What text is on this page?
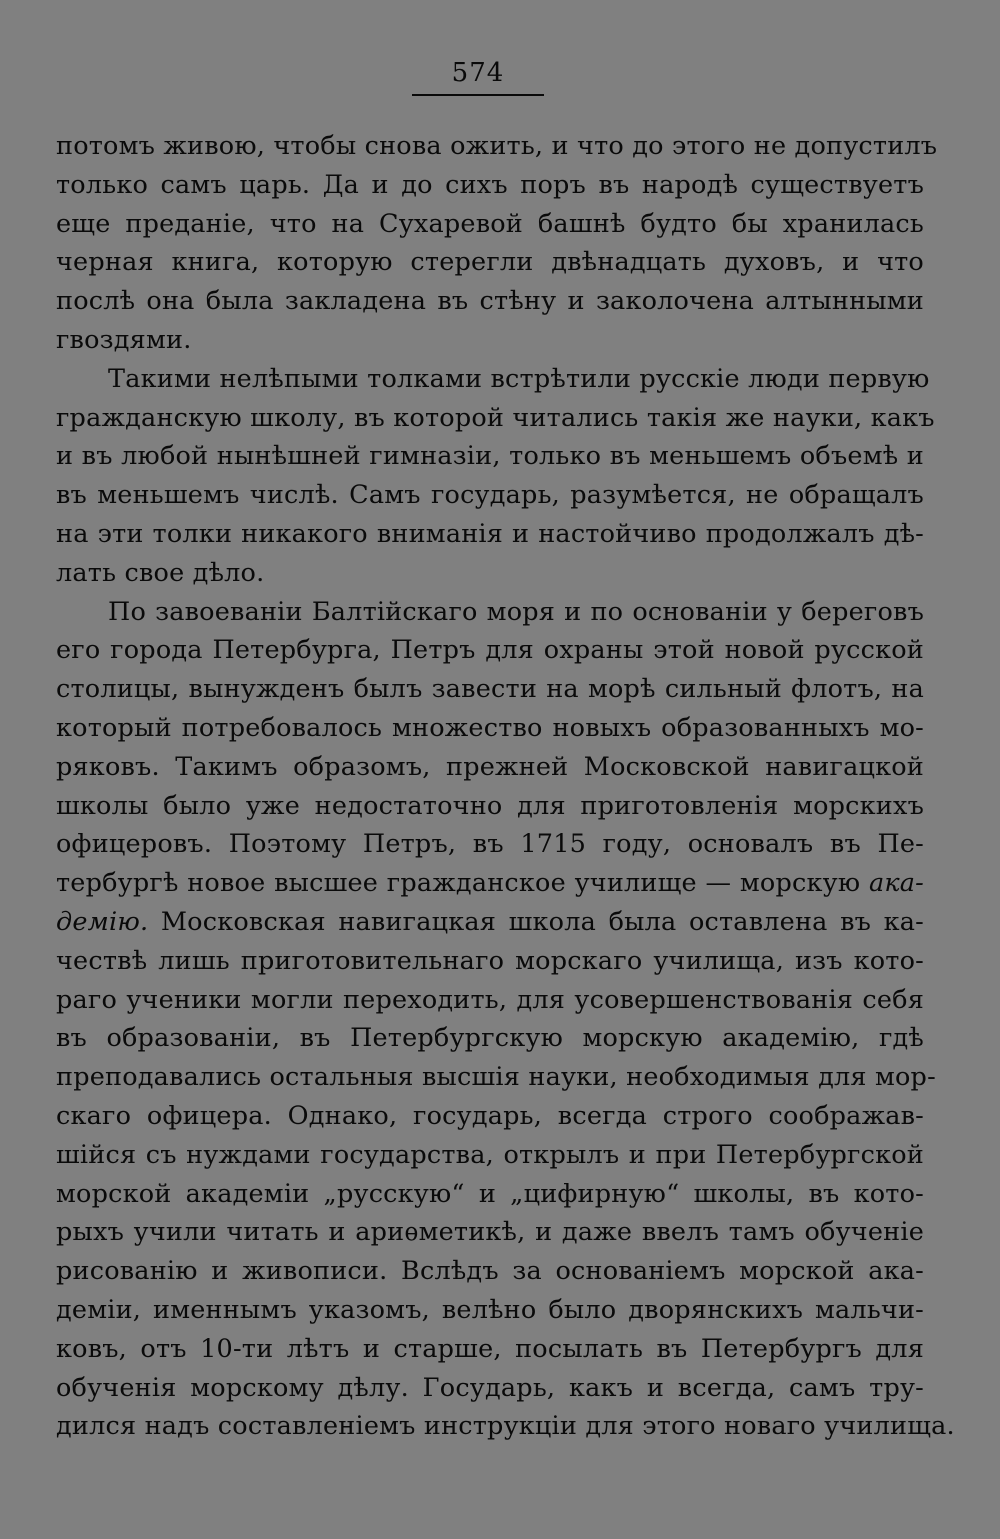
574
потомъ живою, чтобы снова ожить, и что до этого не допустилъ
только самъ царь. Да и до сихъ поръ въ народѣ существуетъ
еще преданіе, что на Сухаревой башнѣ будто бы хранилась
черная книга, которую стерегли двѣнадцать духовъ, и что
послѣ она была заклaдена въ стѣну и заколочена алтынными
гвоздями.
Такими нелѣпыми толками встрѣтили русскіе люди первую
гражданскую школу, въ которой читались такія же науки, какъ
и въ любой нынѣшней гимназіи, только въ меньшемъ объемѣ и
въ меньшемъ числѣ. Самъ государь, разумѣется, не обращалъ
на эти толки никакого вниманія и настойчиво продолжалъ дѣ-
лать свое дѣло.
По завоеваніи Балтійскаго моря и по основаніи у береговъ
его города Петербурга, Петръ для охраны этой новой русской
столицы, вынужденъ былъ завести на морѣ сильный флотъ, на
который потребовалось множество новыхъ образованныхъ мо-
ряковъ. Такимъ образомъ, прежней Московской навигацкой
школы было уже недостаточно для приготовленія морскихъ
офицеровъ. Поэтому Петръ, въ 1715 году, основалъ въ Пе-
тербургѣ новое высшее гражданское училище — морскую ака-
демію. Московская навигацкая школа была оставлена въ ка-
чествѣ лишь приготовительнаго морскаго училища, изъ кото-
раго ученики могли переходить, для усовершенствованія себя
въ образованіи, въ Петербургскую морскую академію, гдѣ
преподавались остальныя высшія науки, необходимыя для мор-
скаго офицера. Однако, государь, всегда строго соображав-
шійся съ нуждами государства, открылъ и при Петербургской
морской академіи „русскую“ и „цифирную“ школы, въ кото-
рыхъ учили читать и ариѳметикѣ, и даже ввелъ тамъ обученіе
рисованію и живописи. Вслѣдъ за основаніемъ морской ака-
деміи, именнымъ указомъ, велѣно было дворянскихъ мальчи-
ковъ, отъ 10-ти лѣтъ и старше, посылать въ Петербургъ для
обученія морскому дѣлу. Государь, какъ и всегда, самъ тру-
дился надъ составленіемъ инструкціи для этого новаго училища.
